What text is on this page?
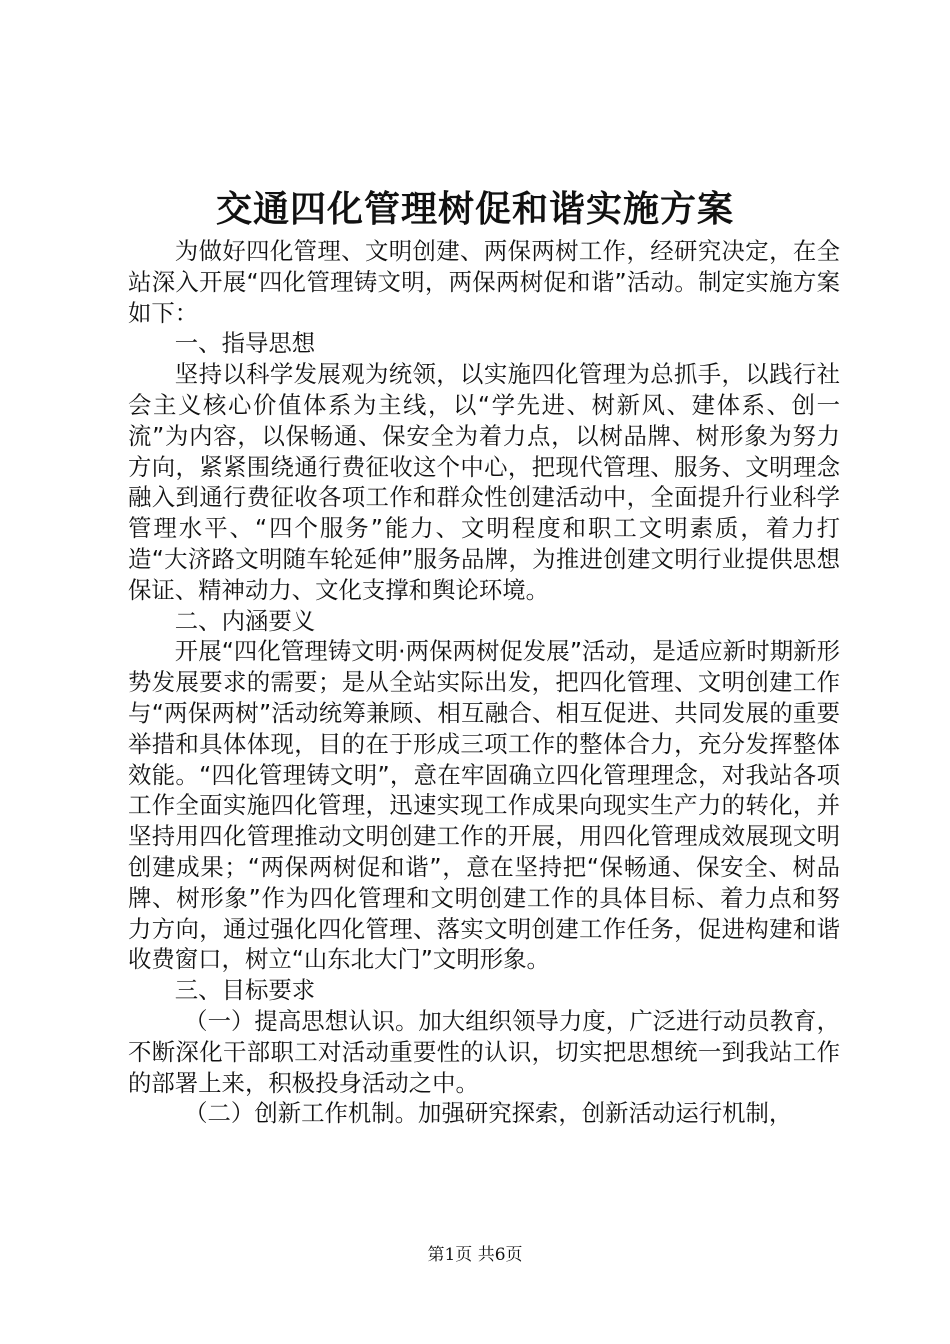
交通四化管理树促和谐实施方案

为做好四化管理、文明创建、两保两树工作，经研究决定，在全站深入开展“四化管理铸文明，两保两树促和谐”活动。制定实施方案如下：

一、指导思想

坚持以科学发展观为统领，以实施四化管理为总抓手，以践行社会主义核心价值体系为主线，以“学先进、树新风、建体系、创一流”为内容，以保畅通、保安全为着力点，以树品牌、树形象为努力方向，紧紧围绕通行费征收这个中心，把现代管理、服务、文明理念融入到通行费征收各项工作和群众性创建活动中，全面提升行业科学管理水平、“四个服务”能力、文明程度和职工文明素质，着力打造“大济路文明随车轮延伸”服务品牌，为推进创建文明行业提供思想保证、精神动力、文化支撑和舆论环境。

二、内涵要义

开展“四化管理铸文明·两保两树促发展”活动，是适应新时期新形势发展要求的需要；是从全站实际出发，把四化管理、文明创建工作与“两保两树”活动统筹兼顾、相互融合、相互促进、共同发展的重要举措和具体体现，目的在于形成三项工作的整体合力，充分发挥整体效能。“四化管理铸文明”，意在牢固确立四化管理理念，对我站各项工作全面实施四化管理，迅速实现工作成果向现实生产力的转化，并坚持用四化管理推动文明创建工作的开展，用四化管理成效展现文明创建成果；“两保两树促和谐”，意在坚持把“保畅通、保安全、树品牌、树形象”作为四化管理和文明创建工作的具体目标、着力点和努力方向，通过强化四化管理、落实文明创建工作任务，促进构建和谐收费窗口，树立“山东北大门”文明形象。

三、目标要求

（一）提高思想认识。加大组织领导力度，广泛进行动员教育，不断深化干部职工对活动重要性的认识，切实把思想统一到我站工作的部署上来，积极投身活动之中。

（二）创新工作机制。加强研究探索，创新活动运行机制，

第1页 共6页
